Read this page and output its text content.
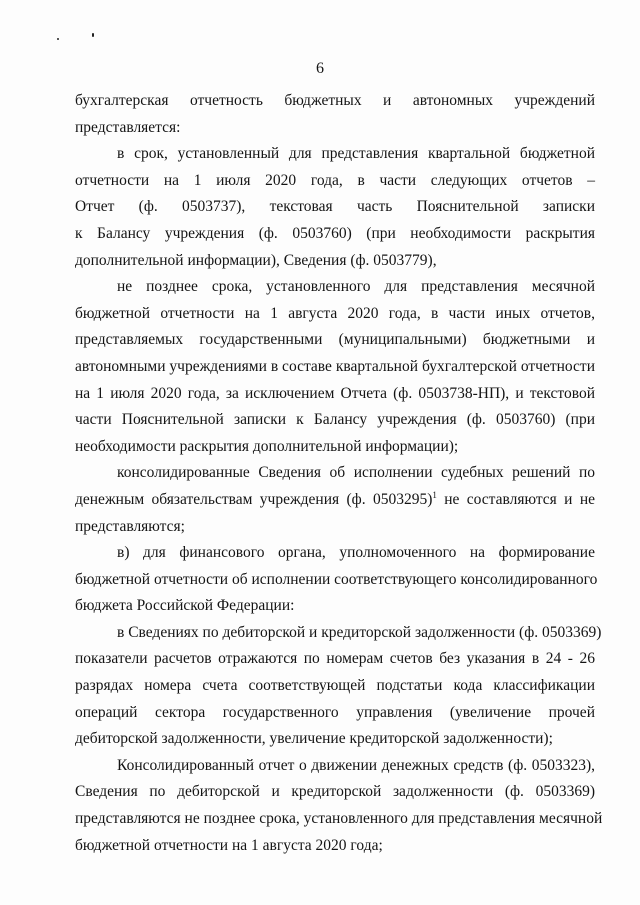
6

бухгалтерская отчетность бюджетных и автономных учреждений
представляется:

в срок, установленный для представления квартальной бюджетной
отчетности на 1 июля 2020 года, в части следующих отчетов –
Отчет (ф. 0503737), текстовая часть Пояснительной записки
к Балансу учреждения (ф. 0503760) (при необходимости раскрытия
дополнительной информации), Сведения (ф. 0503779),

не позднее срока, установленного для представления месячной
бюджетной отчетности на 1 августа 2020 года, в части иных отчетов,
представляемых государственными (муниципальными) бюджетными и
автономными учреждениями в составе квартальной бухгалтерской отчетности
на 1 июля 2020 года, за исключением Отчета (ф. 0503738-НП), и текстовой
части Пояснительной записки к Балансу учреждения (ф. 0503760) (при
необходимости раскрытия дополнительной информации);

консолидированные Сведения об исполнении судебных решений по
денежным обязательствам учреждения (ф. 0503295)$^1$ не составляются и не
представляются;

в) для финансового органа, уполномоченного на формирование
бюджетной отчетности об исполнении соответствующего консолидированного
бюджета Российской Федерации:

в Сведениях по дебиторской и кредиторской задолженности (ф. 0503369)
показатели расчетов отражаются по номерам счетов без указания в 24 - 26
разрядах номера счета соответствующей подстатьи кода классификации
операций сектора государственного управления (увеличение прочей
дебиторской задолженности, увеличение кредиторской задолженности);

Консолидированный отчет о движении денежных средств (ф. 0503323),
Сведения по дебиторской и кредиторской задолженности (ф. 0503369)
представляются не позднее срока, установленного для представления месячной
бюджетной отчетности на 1 августа 2020 года;
